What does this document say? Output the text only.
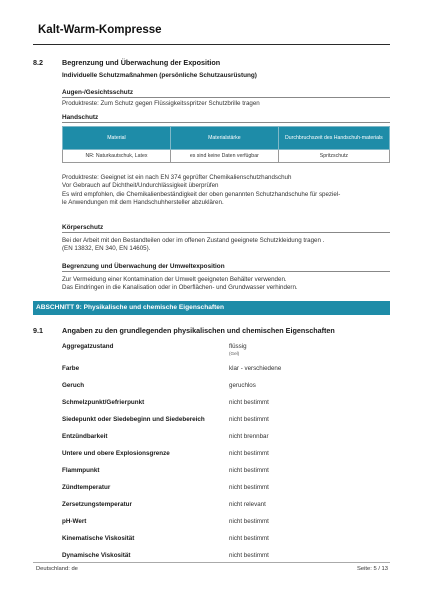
Kalt-Warm-Kompresse
8.2	Begrenzung und Überwachung der Exposition
Individuelle Schutzmaßnahmen (persönliche Schutzausrüstung)
Augen-/Gesichtsschutz
Produktreste: Zum Schutz gegen Flüssigkeitsspritzer Schutzbrille tragen
Handschutz
Material	Materialstärke	Durchbruchszeit des Handschuh-materials
NR: Naturkautschuk, Latex	es sind keine Daten verfügbar	Spritzschutz
Produktreste: Geeignet ist ein nach EN 374 geprüfter Chemikalienschutzhandschuh
Vor Gebrauch auf Dichtheit/Undurchlässigkeit überprüfen
Es wird empfohlen, die Chemikalienbeständigkeit der oben genannten Schutzhandschuhe für speziel-
le Anwendungen mit dem Handschuhhersteller abzuklären.
Körperschutz
Bei der Arbeit mit den Bestandteilen oder im offenen Zustand geeignete Schutzkleidung tragen .
(EN 13832, EN 340, EN 14605).
Begrenzung und Überwachung der Umweltexposition
Zur Vermeidung einer Kontamination der Umwelt geeigneten Behälter verwenden.
Das Eindringen in die Kanalisation oder in Oberflächen- und Grundwasser verhindern.
ABSCHNITT 9: Physikalische und chemische Eigenschaften
9.1	Angaben zu den grundlegenden physikalischen und chemischen Eigenschaften
Aggregatzustand	flüssig
(Gel)
Farbe	klar - verschiedene
Geruch	geruchlos
Schmelzpunkt/Gefrierpunkt	nicht bestimmt
Siedepunkt oder Siedebeginn und Siedebereich	nicht bestimmt
Entzündbarkeit	nicht brennbar
Untere und obere Explosionsgrenze	nicht bestimmt
Flammpunkt	nicht bestimmt
Zündtemperatur	nicht bestimmt
Zersetzungstemperatur	nicht relevant
pH-Wert	nicht bestimmt
Kinematische Viskosität	nicht bestimmt
Dynamische Viskosität	nicht bestimmt
Deutschland: de	Seite: 5 / 13
